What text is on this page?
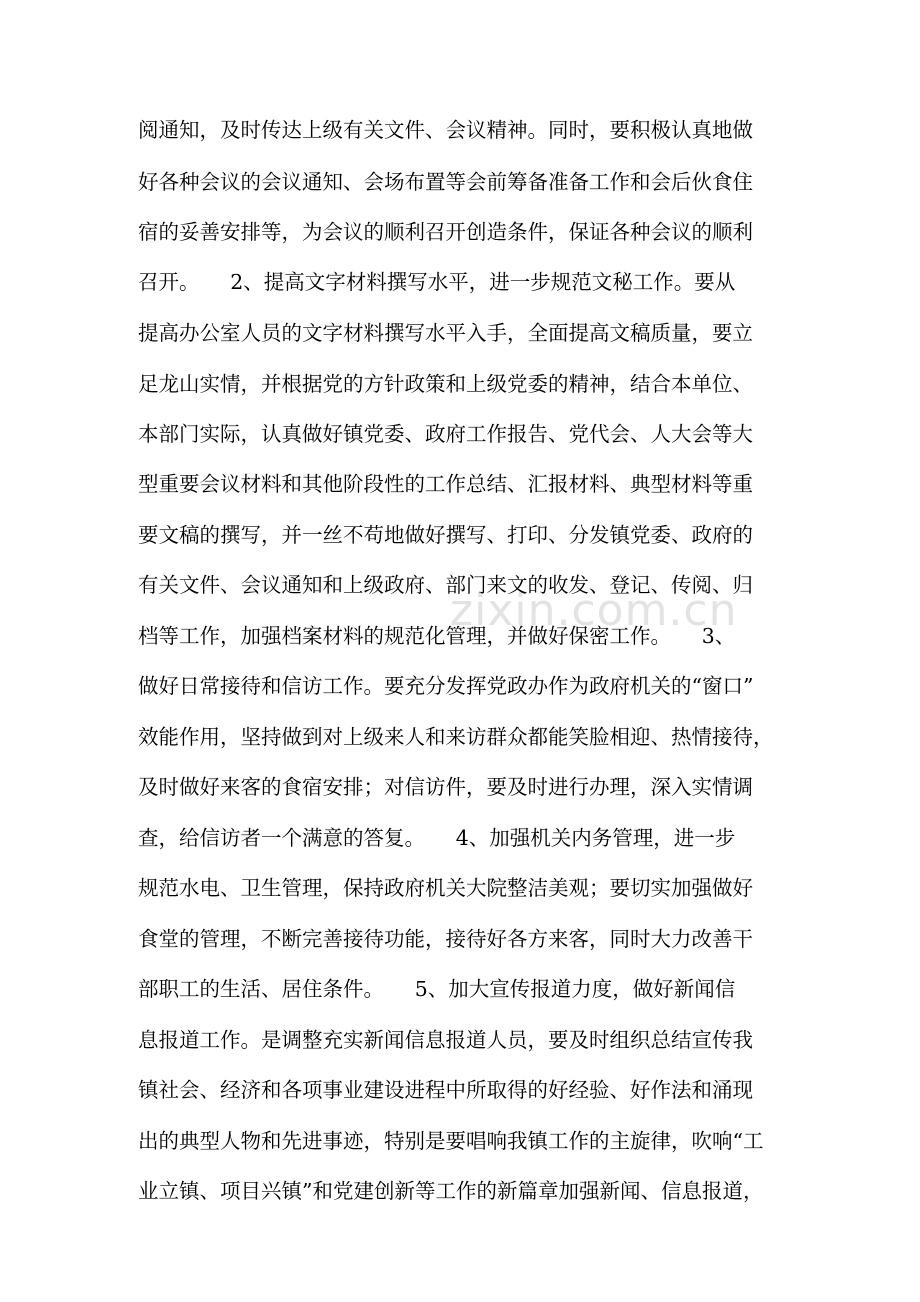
zixin.com.cn
阅通知，及时传达上级有关文件、会议精神。同时，要积极认真地做
好各种会议的会议通知、会场布置等会前筹备准备工作和会后伙食住
宿的妥善安排等，为会议的顺利召开创造条件，保证各种会议的顺利
召开。　　2、提高文字材料撰写水平，进一步规范文秘工作。要从
提高办公室人员的文字材料撰写水平入手，全面提高文稿质量，要立
足龙山实情，并根据党的方针政策和上级党委的精神，结合本单位、
本部门实际，认真做好镇党委、政府工作报告、党代会、人大会等大
型重要会议材料和其他阶段性的工作总结、汇报材料、典型材料等重
要文稿的撰写，并一丝不苟地做好撰写、打印、分发镇党委、政府的
有关文件、会议通知和上级政府、部门来文的收发、登记、传阅、归
档等工作，加强档案材料的规范化管理，并做好保密工作。　　3、
做好日常接待和信访工作。要充分发挥党政办作为政府机关的“窗口”
效能作用，坚持做到对上级来人和来访群众都能笑脸相迎、热情接待，
及时做好来客的食宿安排；对信访件，要及时进行办理，深入实情调
查，给信访者一个满意的答复。　　4、加强机关内务管理，进一步
规范水电、卫生管理，保持政府机关大院整洁美观；要切实加强做好
食堂的管理，不断完善接待功能，接待好各方来客，同时大力改善干
部职工的生活、居住条件。　　5、加大宣传报道力度，做好新闻信
息报道工作。是调整充实新闻信息报道人员，要及时组织总结宣传我
镇社会、经济和各项事业建设进程中所取得的好经验、好作法和涌现
出的典型人物和先进事迹，特别是要唱响我镇工作的主旋律，吹响“工
业立镇、项目兴镇”和党建创新等工作的新篇章加强新闻、信息报道，
